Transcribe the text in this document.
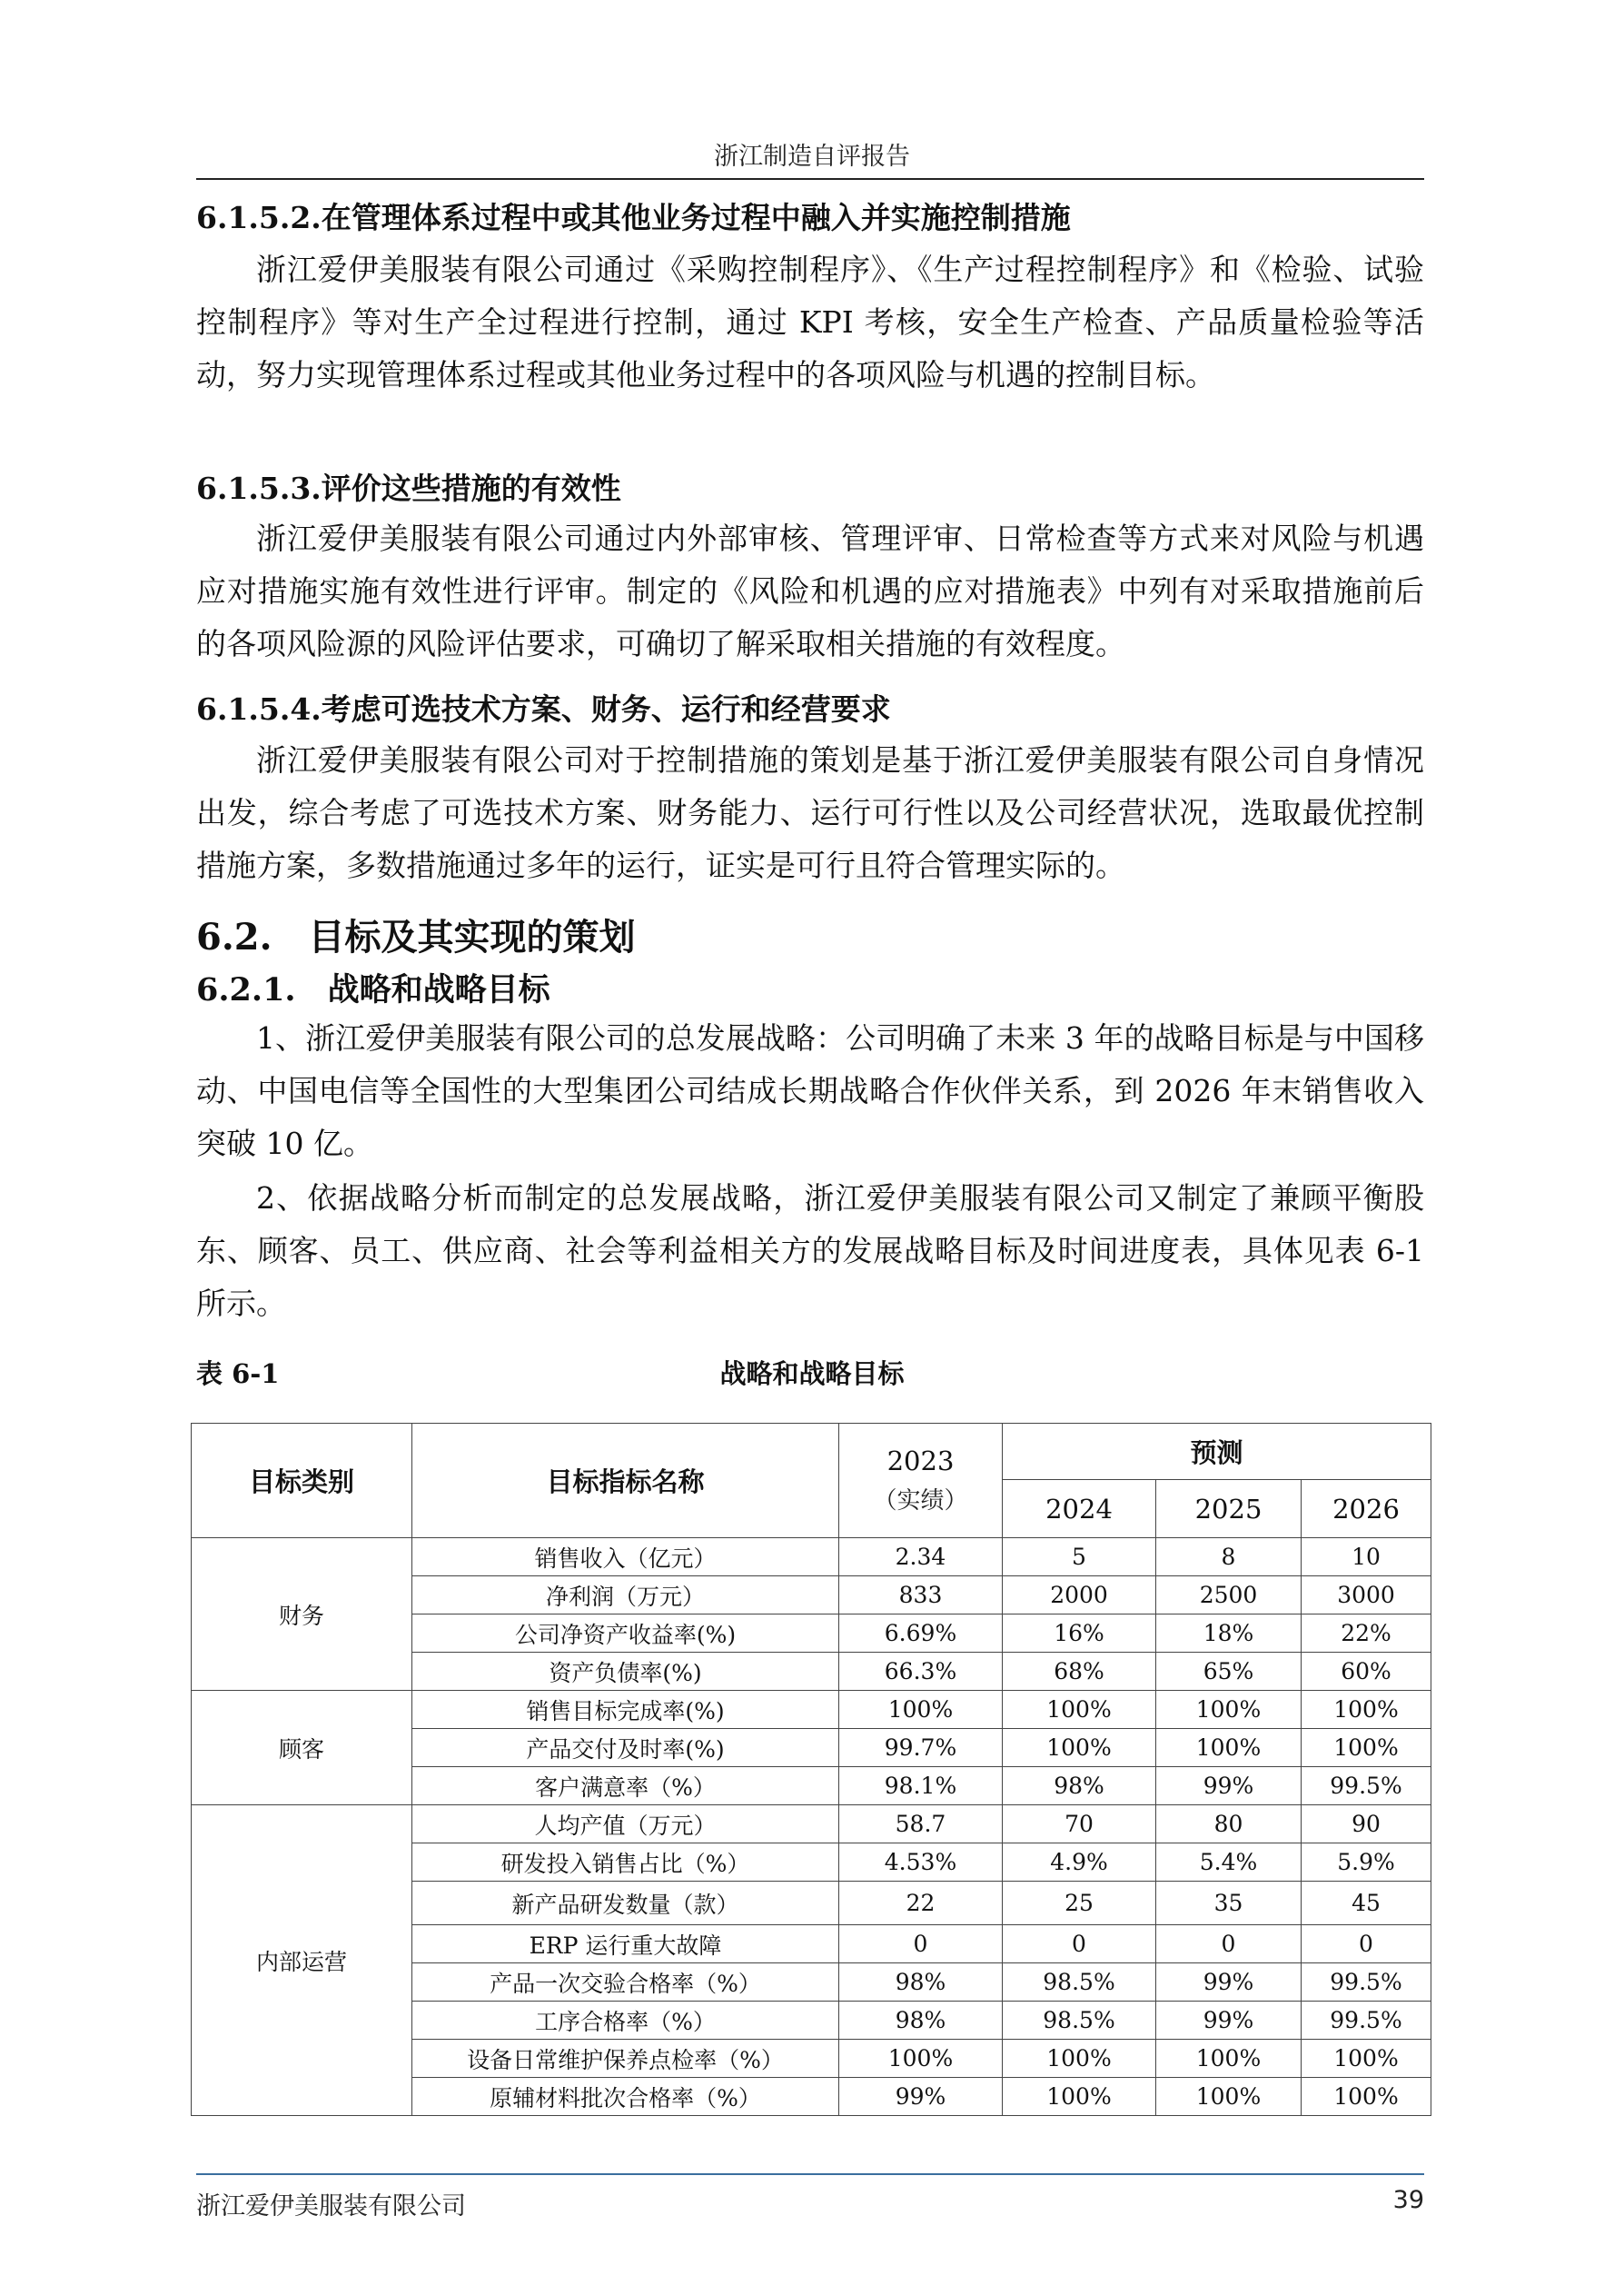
浙江制造自评报告
6.1.5.2.在管理体系过程中或其他业务过程中融入并实施控制措施

浙江爱伊美服装有限公司通过《采购控制程序》、《生产过程控制程序》和《检验、试验控制程序》等对生产全过程进行控制，通过 KPI 考核，安全生产检查、产品质量检验等活动，努力实现管理体系过程或其他业务过程中的各项风险与机遇的控制目标。

6.1.5.3.评价这些措施的有效性

浙江爱伊美服装有限公司通过内外部审核、管理评审、日常检查等方式来对风险与机遇应对措施实施有效性进行评审。制定的《风险和机遇的应对措施表》中列有对采取措施前后的各项风险源的风险评估要求，可确切了解采取相关措施的有效程度。

6.1.5.4.考虑可选技术方案、财务、运行和经营要求

浙江爱伊美服装有限公司对于控制措施的策划是基于浙江爱伊美服装有限公司自身情况出发，综合考虑了可选技术方案、财务能力、运行可行性以及公司经营状况，选取最优控制措施方案，多数措施通过多年的运行，证实是可行且符合管理实际的。

6.2.　目标及其实现的策划
6.2.1.　战略和战略目标

1、浙江爱伊美服装有限公司的总发展战略：公司明确了未来 3 年的战略目标是与中国移动、中国电信等全国性的大型集团公司结成长期战略合作伙伴关系，到 2026 年末销售收入突破 10 亿。

2、依据战略分析而制定的总发展战略，浙江爱伊美服装有限公司又制定了兼顾平衡股东、顾客、员工、供应商、社会等利益相关方的发展战略目标及时间进度表，具体见表 6-1 所示。

战略和战略目标
表 6-1
目标类别	目标指标名称	2023
（实绩）	预测		
			2024	2025	2026
财务	销售收入（亿元）	2.34	5	8	10
	净利润（万元）	833	2000	2500	3000
	公司净资产收益率(%)	6.69%	16%	18%	22%
	资产负债率(%)	66.3%	68%	65%	60%
顾客	销售目标完成率(%)	100%	100%	100%	100%
	产品交付及时率(%)	99.7%	100%	100%	100%
	客户满意率（%）	98.1%	98%	99%	99.5%
内部运营	人均产值（万元）	58.7	70	80	90
	研发投入销售占比（%）	4.53%	4.9%	5.4%	5.9%
	新产品研发数量（款）	22	25	35	45
	ERP 运行重大故障	0	0	0	0
	产品一次交验合格率（%）	98%	98.5%	99%	99.5%
	工序合格率（%）	98%	98.5%	99%	99.5%
	设备日常维护保养点检率（%）	100%	100%	100%	100%
	原辅材料批次合格率（%）	99%	100%	100%	100%
浙江爱伊美服装有限公司	39
